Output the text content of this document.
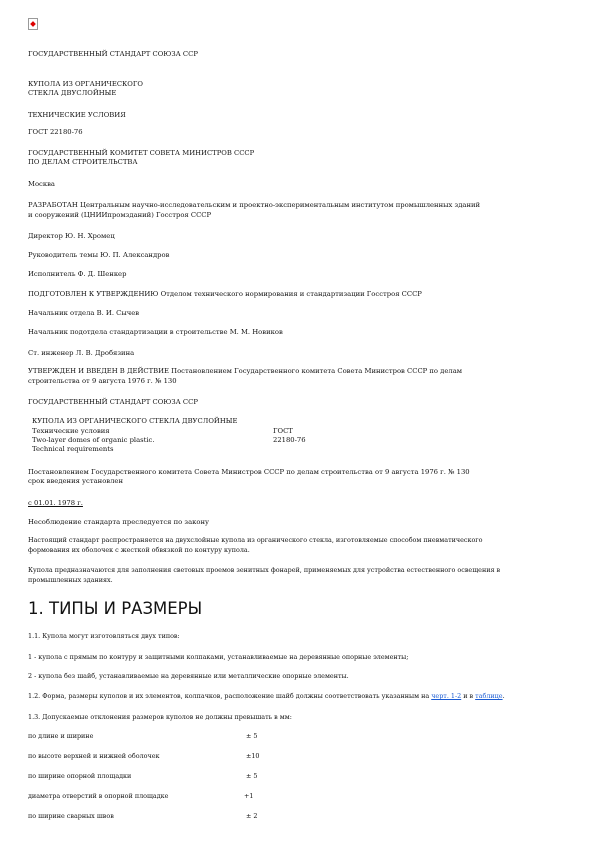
ГОСУДАРСТВЕННЫЙ СТАНДАРТ СОЮЗА ССР
КУПОЛА ИЗ ОРГАНИЧЕСКОГО
СТЕКЛА ДВУСЛОЙНЫЕ
ТЕХНИЧЕСКИЕ УСЛОВИЯ
ГОСТ 22180-76
ГОСУДАРСТВЕННЫЙ КОМИТЕТ СОВЕТА МИНИСТРОВ СССР
ПО ДЕЛАМ СТРОИТЕЛЬСТВА
Москва
РАЗРАБОТАН Центральным научно-исследовательским и проектно-экспериментальным институтом промышленных зданий
и сооружений (ЦНИИпромзданий) Госстроя СССР
Директор Ю. Н. Хромец
Руководитель темы Ю. П. Александров
Исполнитель Ф. Д. Шенкер
ПОДГОТОВЛЕН К УТВЕРЖДЕНИЮ Отделом технического нормирования и стандартизации Госстроя СССР
Начальник отдела В. И. Сычев
Начальник подотдела стандартизации в строительстве М. М. Новиков
Ст. инженер Л. В. Дробязина
УТВЕРЖДЕН И ВВЕДЕН В ДЕЙСТВИЕ Постановлением Государственного комитета Совета Министров СССР по делам
строительства от 9 августа 1976 г. № 130
ГОСУДАРСТВЕННЫЙ СТАНДАРТ СОЮЗА ССР
КУПОЛА ИЗ ОРГАНИЧЕСКОГО СТЕКЛА ДВУСЛОЙНЫЕ
Технические условия	ГОСТ
Two-layer domes of organic plastic.	22180-76
Technical requirements
Постановлением Государственного комитета Совета Министров СССР по делам строительства от 9 августа 1976 г. № 130
срок введения установлен
с 01.01. 1978 г.
Несоблюдение стандарта преследуется по закону
Настоящий стандарт распространяется на двухслойные купола из органического стекла, изготовляемые способом пневматического
формования их оболочек с жесткой обвязкой по контуру купола.
Купола предназначаются для заполнения световых проемов зенитных фонарей, применяемых для устройства естественного освещения в
промышленных зданиях.
1. ТИПЫ И РАЗМЕРЫ
1.1. Купола могут изготовляться двух типов:
1 - купола с прямым по контуру и защитными колпаками, устанавливаемые на деревянные опорные элементы;
2 - купола без шайб, устанавливаемые на деревянные или металлические опорные элементы.
1.2. Форма, размеры куполов и их элементов, колпачков, расположение шайб должны соответствовать указанным на черт. 1-2 и в таблице.
1.3. Допускаемые отклонения размеров куполов не должны превышать в мм:
по длине и ширине	± 5
по высоте верхней и нижней оболочек	±10
по ширине опорной площадки	± 5
диаметра отверстий в опорной площадке	+1
по ширине сварных швов	± 2
